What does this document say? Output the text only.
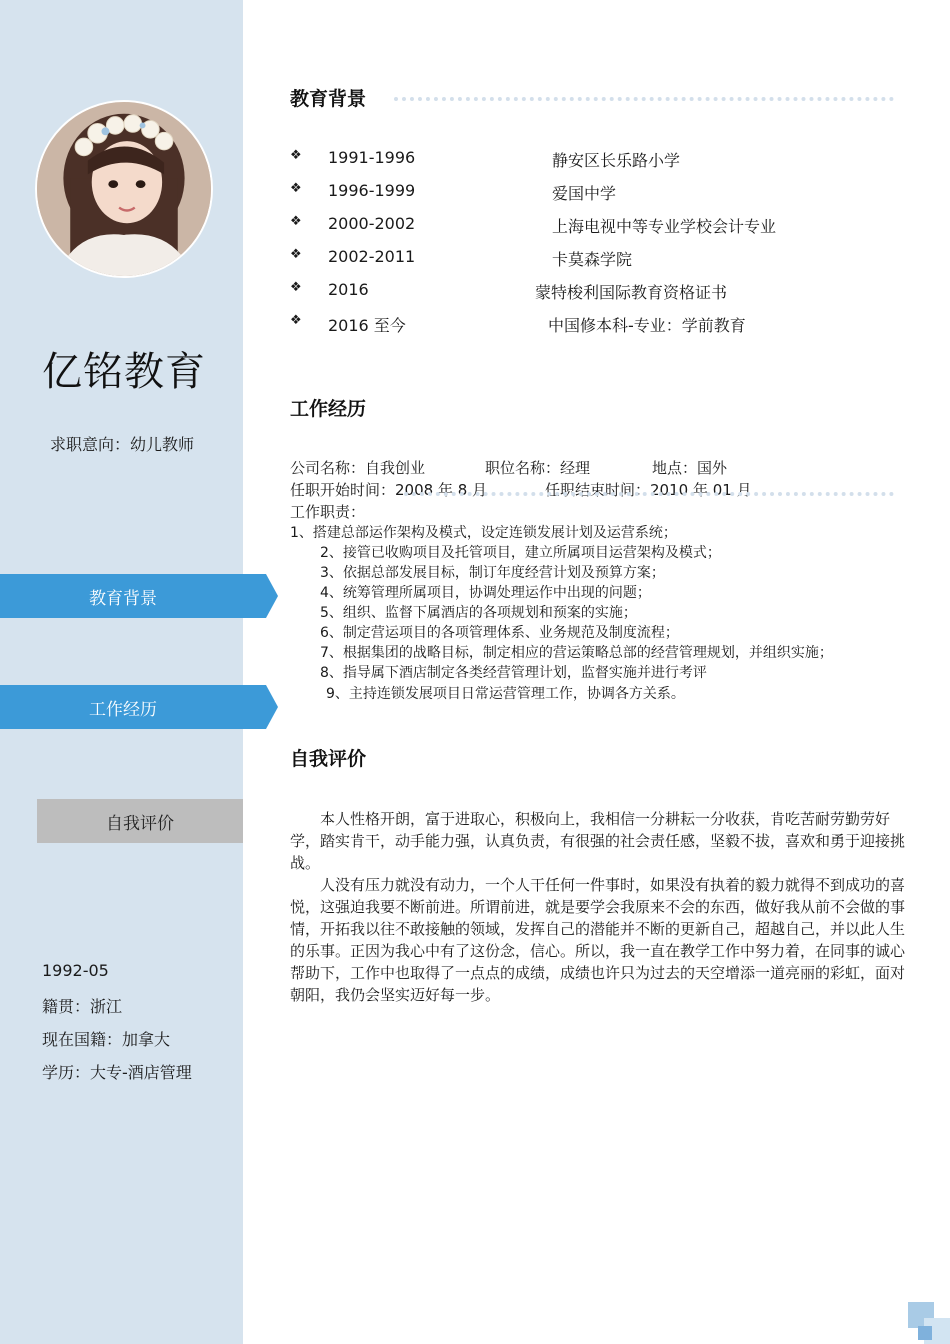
亿铭教育
求职意向：幼儿教师
教育背景
工作经历
自我评价
1992-05
籍贯：浙江
现在国籍：加拿大
学历：大专-酒店管理
教育背景
❖ 1991-1996	静安区长乐路小学
❖ 1996-1999	爱国中学
❖ 2000-2002	上海电视中等专业学校会计专业
❖ 2002-2011	卡莫森学院
❖ 2016	蒙特梭利国际教育资格证书
❖ 2016 至今	中国修本科-专业：学前教育
工作经历
公司名称：自我创业	职位名称：经理	地点：国外
任职开始时间：2008 年 8 月	任职结束时间：2010 年 01 月
工作职责：
1、搭建总部运作架构及模式，设定连锁发展计划及运营系统；
2、接管已收购项目及托管项目，建立所属项目运营架构及模式；
3、依据总部发展目标，制订年度经营计划及预算方案；
4、统筹管理所属项目，协调处理运作中出现的问题；
5、组织、监督下属酒店的各项规划和预案的实施；
6、制定营运项目的各项管理体系、业务规范及制度流程；
7、根据集团的战略目标，制定相应的营运策略总部的经营管理规划，并组织实施；
8、指导属下酒店制定各类经营管理计划，监督实施并进行考评
9、主持连锁发展项目日常运营管理工作，协调各方关系。
自我评价

本人性格开朗，富于进取心，积极向上，我相信一分耕耘一分收获，肯吃苦耐劳勤劳好学，踏实肯干，动手能力强，认真负责，有很强的社会责任感，坚毅不拔，喜欢和勇于迎接挑战。

人没有压力就没有动力，一个人干任何一件事时，如果没有执着的毅力就得不到成功的喜悦，这强迫我要不断前进。所谓前进，就是要学会我原来不会的东西，做好我从前不会做的事情，开拓我以往不敢接触的领域，发挥自己的潜能并不断的更新自己，超越自己，并以此人生的乐事。正因为我心中有了这份念，信心。所以，我一直在教学工作中努力着，在同事的诚心帮助下，工作中也取得了一点点的成绩，成绩也许只为过去的天空增添一道亮丽的彩虹，面对朝阳，我仍会坚实迈好每一步。
